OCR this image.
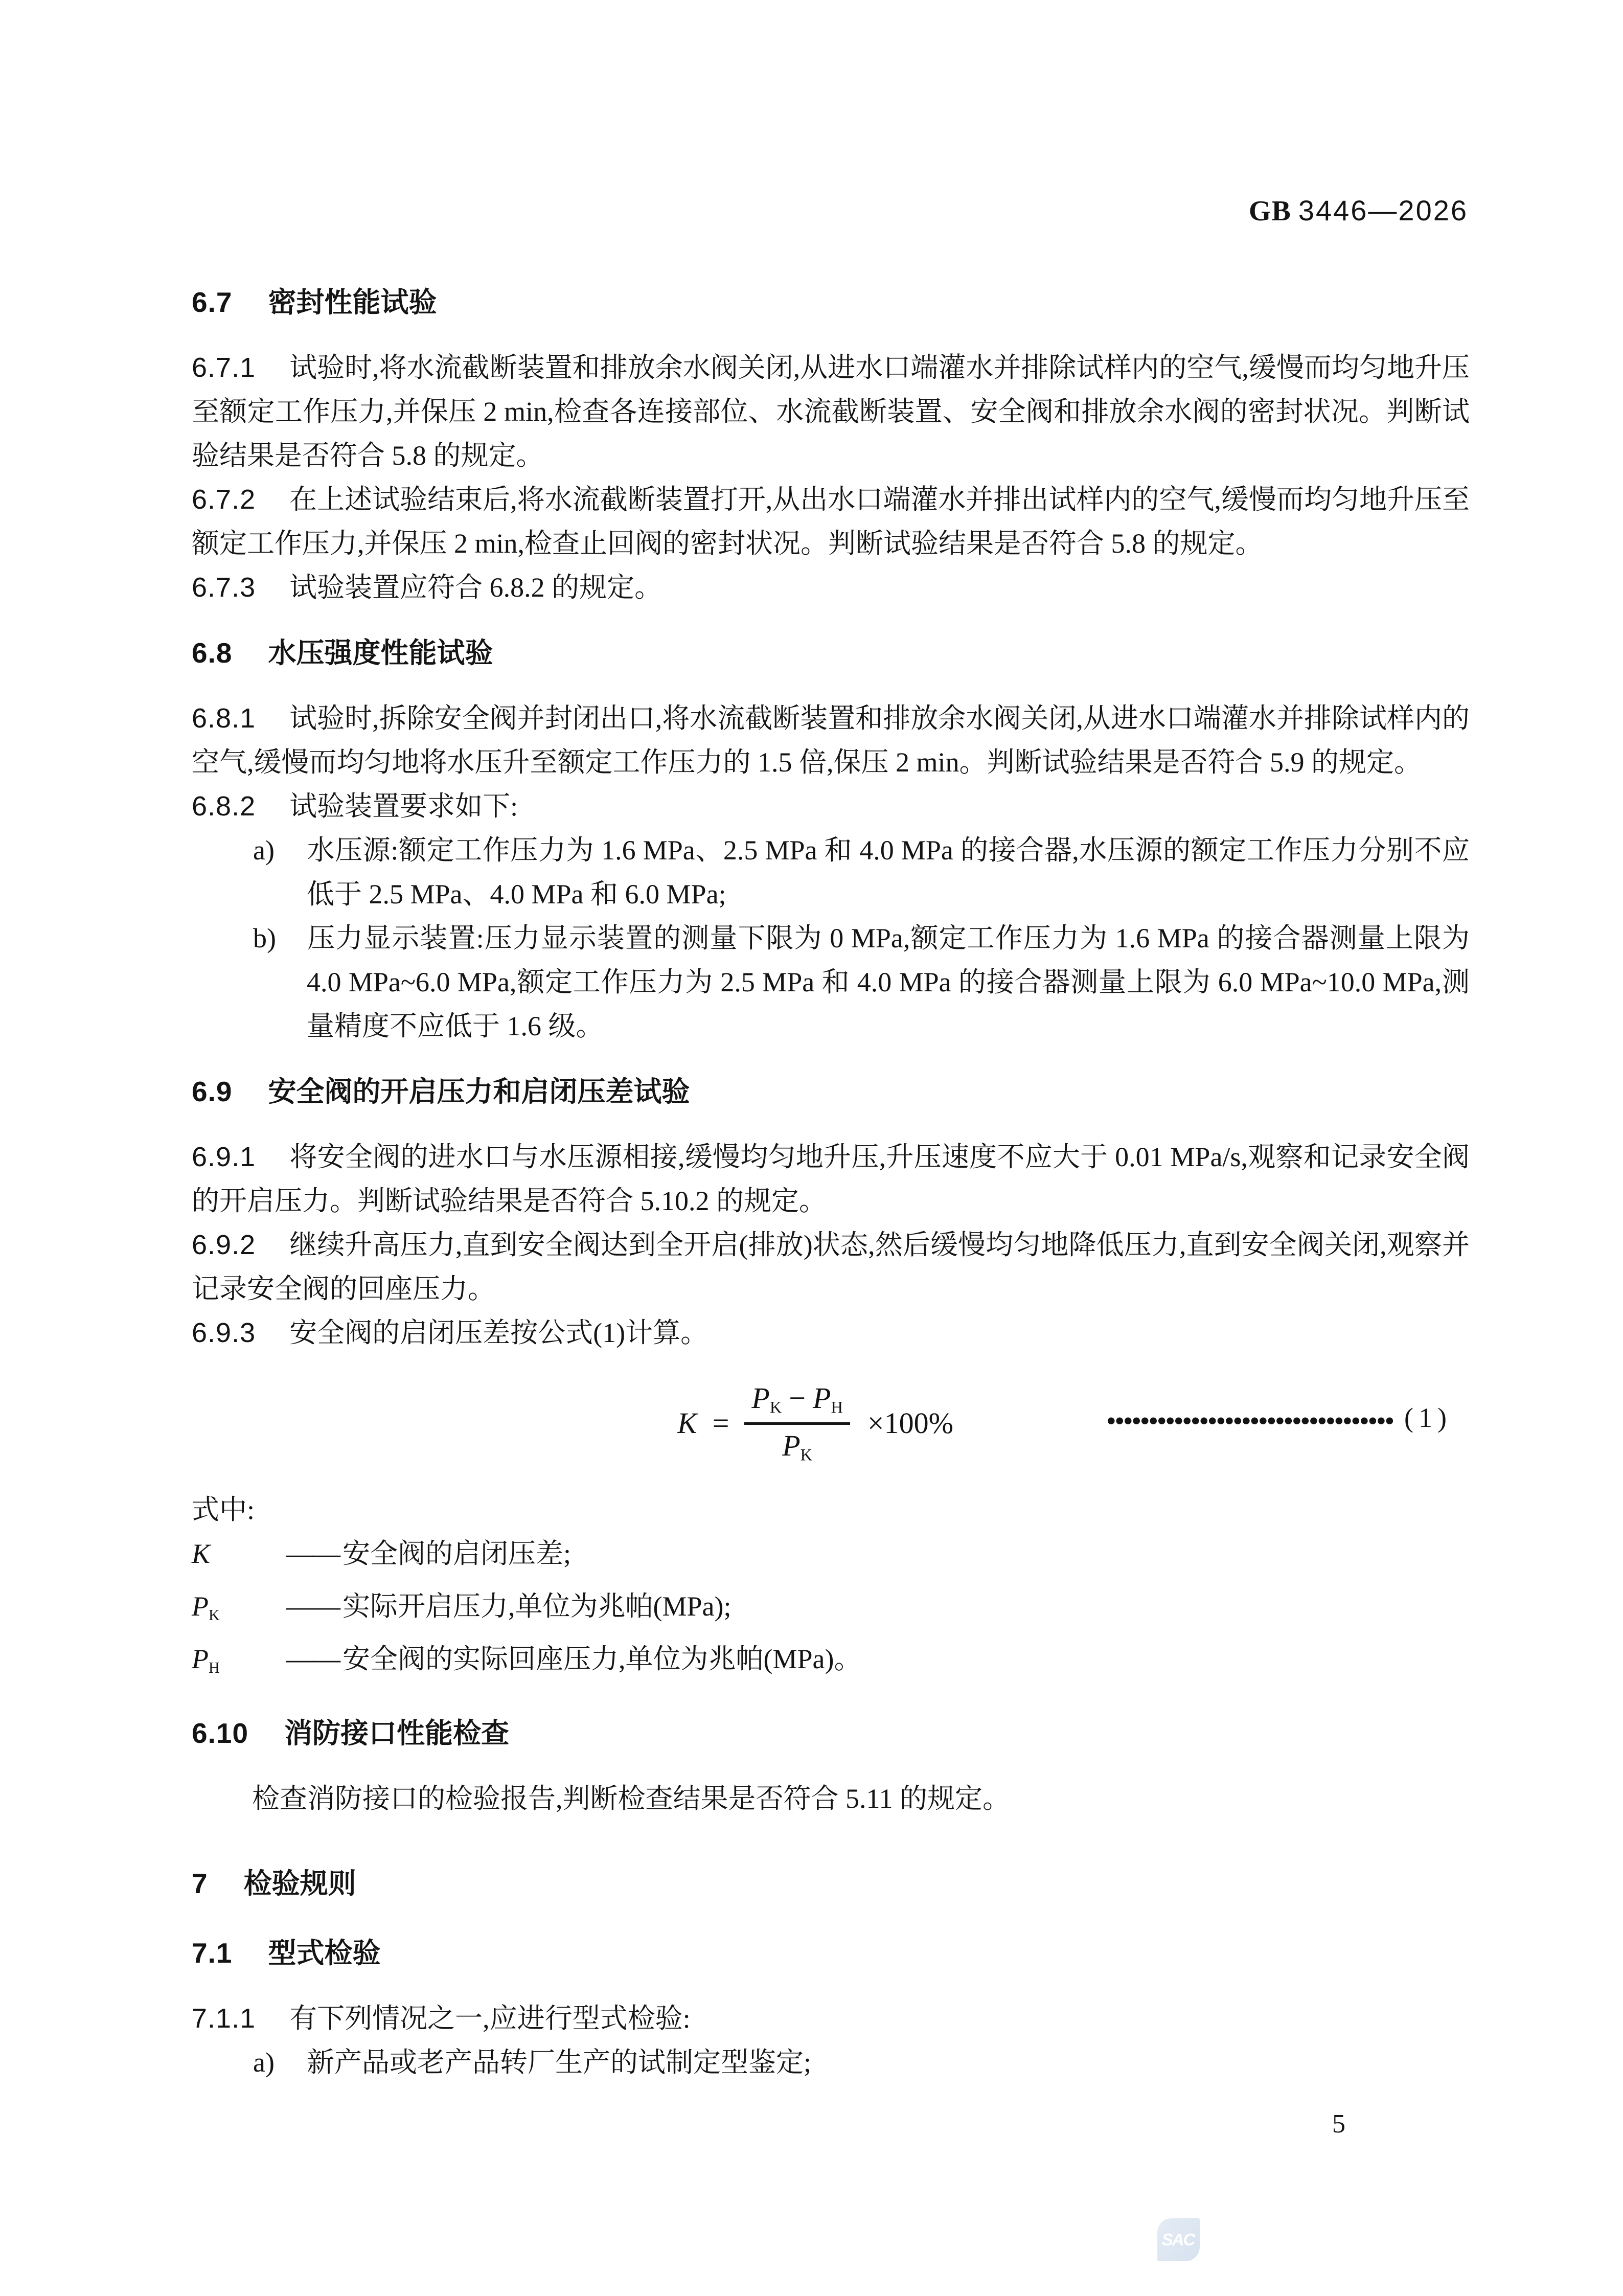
GB 3446—2026
6.7 密封性能试验

6.7.1 试验时,将水流截断装置和排放余水阀关闭,从进水口端灌水并排除试样内的空气,缓慢而均匀地升压至额定工作压力,并保压 2 min,检查各连接部位、水流截断装置、安全阀和排放余水阀的密封状况。判断试验结果是否符合 5.8 的规定。

6.7.2 在上述试验结束后,将水流截断装置打开,从出水口端灌水并排出试样内的空气,缓慢而均匀地升压至额定工作压力,并保压 2 min,检查止回阀的密封状况。判断试验结果是否符合 5.8 的规定。

6.7.3 试验装置应符合 6.8.2 的规定。

6.8 水压强度性能试验

6.8.1 试验时,拆除安全阀并封闭出口,将水流截断装置和排放余水阀关闭,从进水口端灌水并排除试样内的空气,缓慢而均匀地将水压升至额定工作压力的 1.5 倍,保压 2 min。判断试验结果是否符合 5.9 的规定。

6.8.2 试验装置要求如下:

a) 水压源:额定工作压力为 1.6 MPa、2.5 MPa 和 4.0 MPa 的接合器,水压源的额定工作压力分别不应低于 2.5 MPa、4.0 MPa 和 6.0 MPa;

b) 压力显示装置:压力显示装置的测量下限为 0 MPa,额定工作压力为 1.6 MPa 的接合器测量上限为 4.0 MPa~6.0 MPa,额定工作压力为 2.5 MPa 和 4.0 MPa 的接合器测量上限为 6.0 MPa~10.0 MPa,测量精度不应低于 1.6 级。

6.9 安全阀的开启压力和启闭压差试验

6.9.1 将安全阀的进水口与水压源相接,缓慢均匀地升压,升压速度不应大于 0.01 MPa/s,观察和记录安全阀的开启压力。判断试验结果是否符合 5.10.2 的规定。

6.9.2 继续升高压力,直到安全阀达到全开启(排放)状态,然后缓慢均匀地降低压力,直到安全阀关闭,观察并记录安全阀的回座压力。

6.9.3 安全阀的启闭压差按公式(1)计算。

K =
$P_K - P_H$
$P_K$
×100%	•••••••••••••••••••••••••••••••••• (1)

式中:

K	—— 安全阀的启闭压差;

$P_K$ —— 实际开启压力,单位为兆帕(MPa);

$P_H$ —— 安全阀的实际回座压力,单位为兆帕(MPa)。

6.10 消防接口性能检查

检查消防接口的检验报告,判断检查结果是否符合 5.11 的规定。

7 检验规则
7.1 型式检验

7.1.1 有下列情况之一,应进行型式检验:

a) 新产品或老产品转厂生产的试制定型鉴定;

5
SAC
